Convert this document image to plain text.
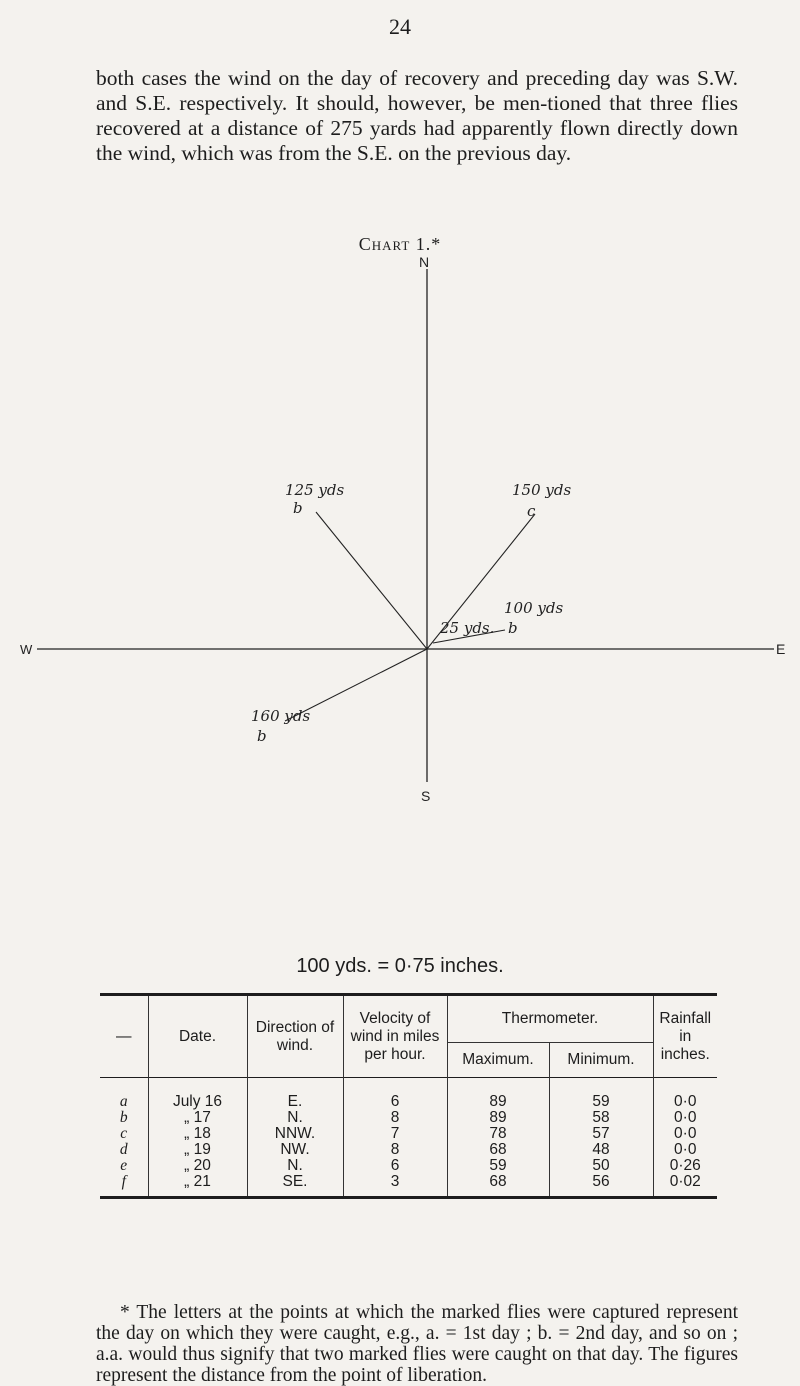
24

both cases the wind on the day of recovery and preceding day was S.W. and S.E. respectively. It should, however, be men-tioned that three flies recovered at a distance of 275 yards had apparently flown directly down the wind, which was from the S.E. on the previous day.

Chart 1.*
N
S
E
W
125 yds
b
150 yds
c
100 yds
b
25 yds.
160 yds
b
100 yds. = 0·75 inches.
—	Date.	Direction of wind.	Velocity of wind in miles per hour.	Thermometer.		Rainfall in inches.
				Maximum.	Minimum.	
a	July 16	E.	6	89	59	0·0
b	„ 17	N.	8	89	58	0·0
c	„ 18	NNW.	7	78	57	0·0
d	„ 19	NW.	8	68	48	0·0
e	„ 20	N.	6	59	50	0·26
f	„ 21	SE.	3	68	56	0·02

* The letters at the points at which the marked flies were captured represent the day on which they were caught, e.g., a. = 1st day ; b. = 2nd day, and so on ; a.a. would thus signify that two marked flies were caught on that day. The figures represent the distance from the point of liberation.
